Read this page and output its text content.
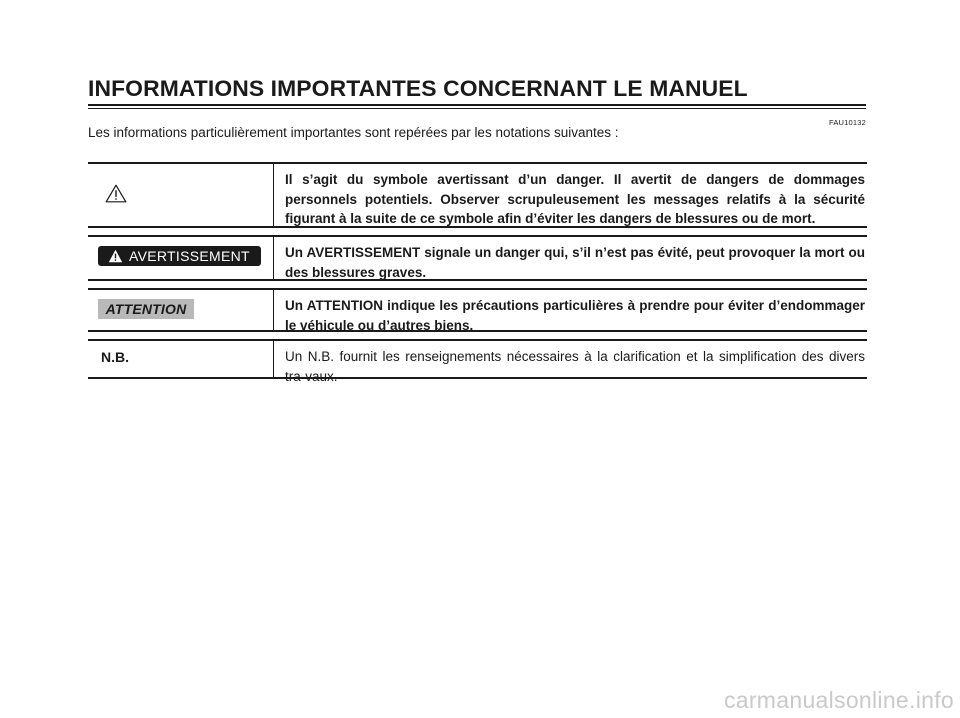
INFORMATIONS IMPORTANTES CONCERNANT LE MANUEL
FAU10132
Les informations particulièrement importantes sont repérées par les notations suivantes :
Il s’agit du symbole avertissant d’un danger. Il avertit de dangers de dommages personnels potentiels. Observer scrupuleusement les messages relatifs à la sécurité figurant à la suite de ce symbole afin d’éviter les dangers de blessures ou de mort.
AVERTISSEMENT	Un AVERTISSEMENT signale un danger qui, s’il n’est pas évité, peut provoquer la mort ou des blessures graves.
ATTENTION	Un ATTENTION indique les précautions particulières à prendre pour éviter d’endommager le véhicule ou d’autres biens.
N.B.	Un N.B. fournit les renseignements nécessaires à la clarification et la simplification des divers tra-vaux.
carmanualsonline.info
